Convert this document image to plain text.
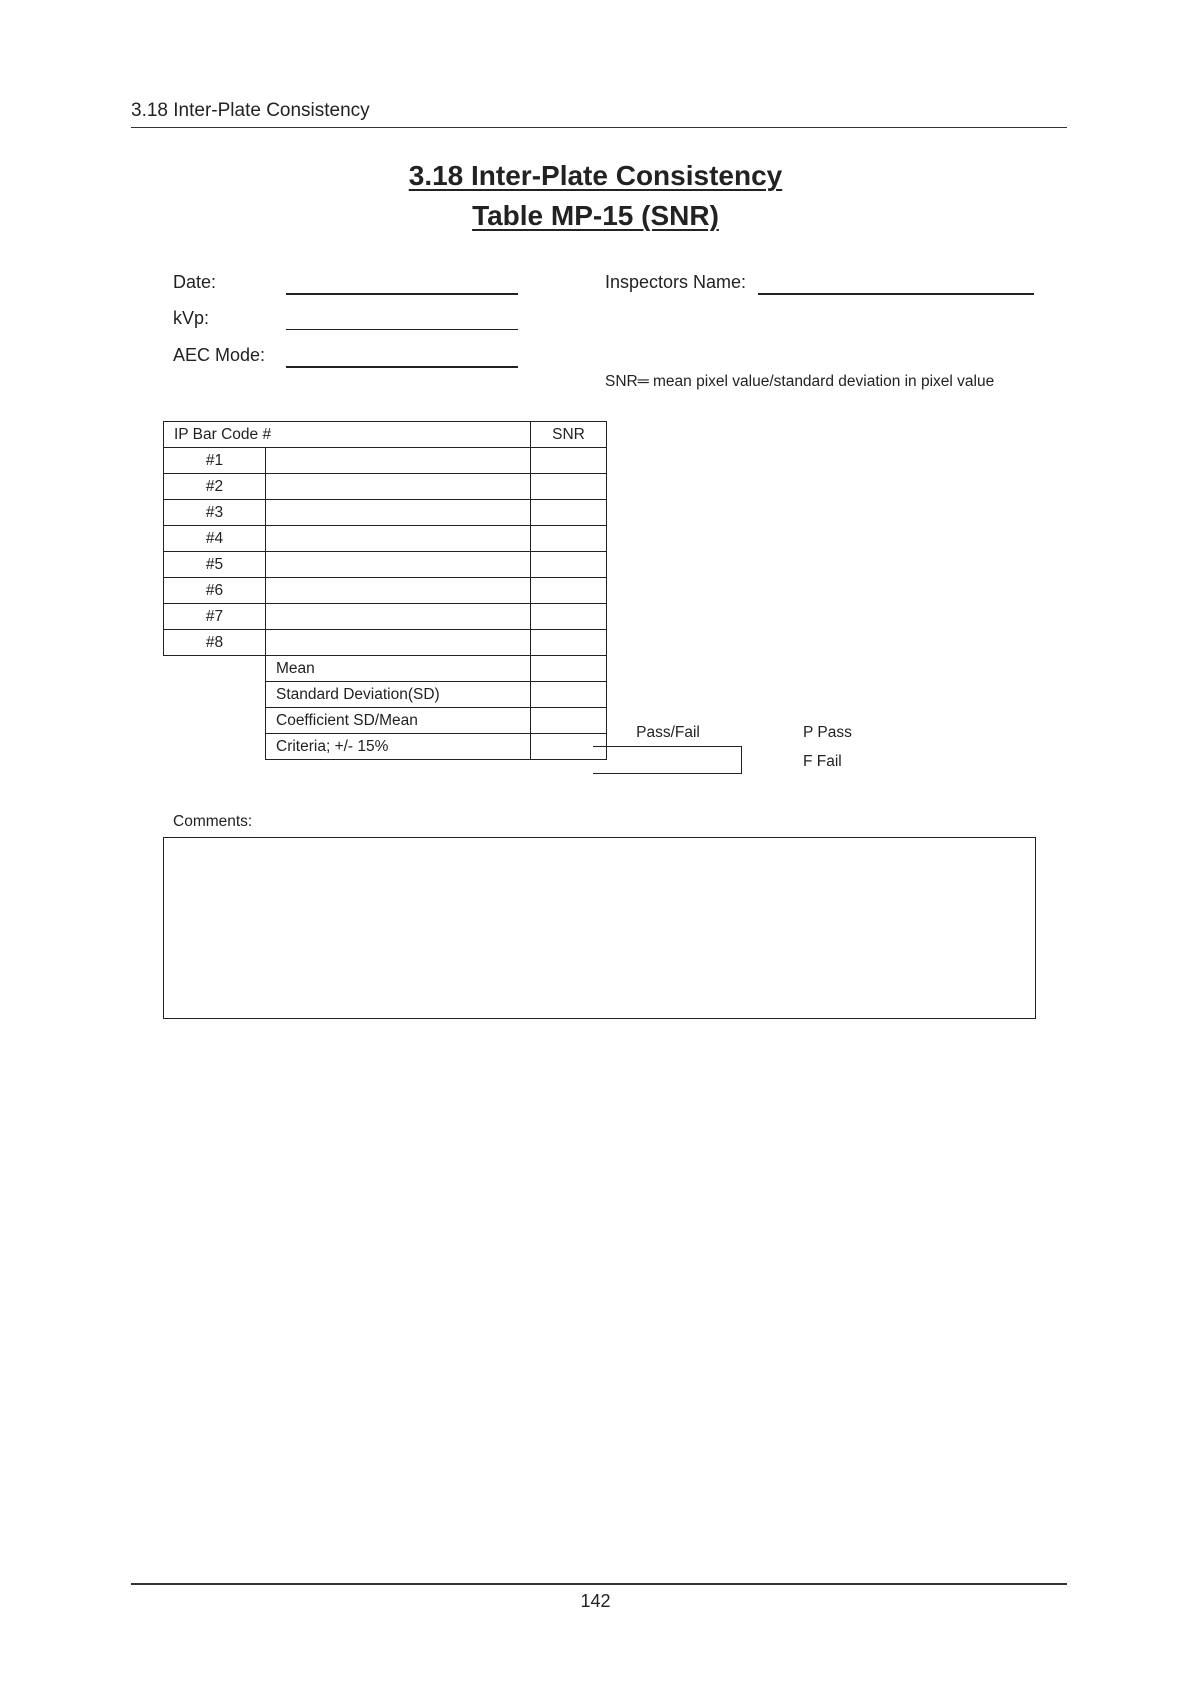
3.18 Inter-Plate Consistency
3.18 Inter-Plate Consistency
Table MP-15 (SNR)
Date:
kVp:
AEC Mode:
Inspectors Name:
SNR═ mean pixel value/standard deviation in pixel value
IP Bar Code #		SNR
#1		
#2		
#3		
#4		
#5		
#6		
#7		
#8		
	Mean	
	Standard Deviation(SD)	
	Coefficient SD/Mean	
	Criteria; +/- 15%	
Pass/Fail	P Pass
F Fail
Comments:
142
